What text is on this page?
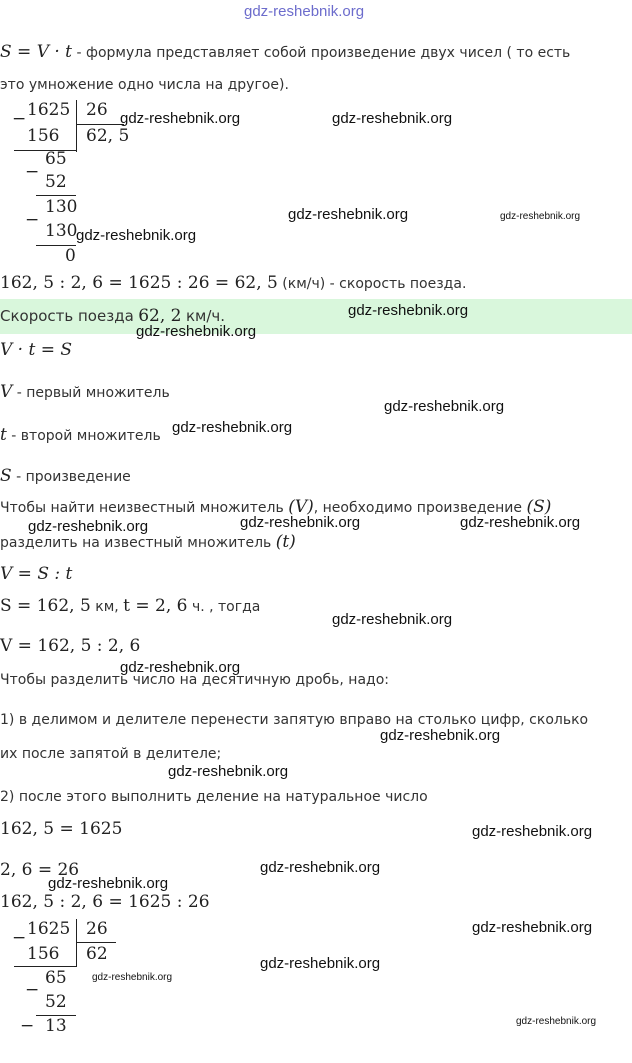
gdz-reshebnik.org
S = V · t - формула представляет собой произведение двух чисел ( то есть
это умножение одно числа на другое).
− 1625 26
62, 5
156
−
65
52
−
130
130
0
162, 5 : 2, 6 = 1625 : 26 = 62, 5 (км/ч) - скорость поезда.
Скорость поезда 62, 2 км/ч.
V · t = S
V - первый множитель
t - второй множитель
S - произведение
Чтобы найти неизвестный множитель (V), необходимо произведение (S)
разделить на известный множитель (t)
V = S : t
S = 162, 5 км, t = 2, 6 ч. , тогда
V = 162, 5 : 2, 6
Чтобы разделить число на десятичную дробь, надо:
1) в делимом и делителе перенести запятую вправо на столько цифр, сколько
их после запятой в делителе;
2) после этого выполнить деление на натуральное число
162, 5 = 1625
2, 6 = 26
162, 5 : 2, 6 = 1625 : 26
− 1625 26
62
156
−
65
52
− 13
gdz-reshebnik.org	gdz-reshebnik.org
gdz-reshebnik.org	gdz-reshebnik.org
gdz-reshebnik.org
gdz-reshebnik.org
gdz-reshebnik.org
gdz-reshebnik.org
gdz-reshebnik.org
gdz-reshebnik.org	gdz-reshebnik.org	gdz-reshebnik.org
gdz-reshebnik.org
gdz-reshebnik.org
gdz-reshebnik.org
gdz-reshebnik.org
gdz-reshebnik.org
gdz-reshebnik.org
gdz-reshebnik.org
gdz-reshebnik.org
gdz-reshebnik.org
gdz-reshebnik.org
gdz-reshebnik.org
